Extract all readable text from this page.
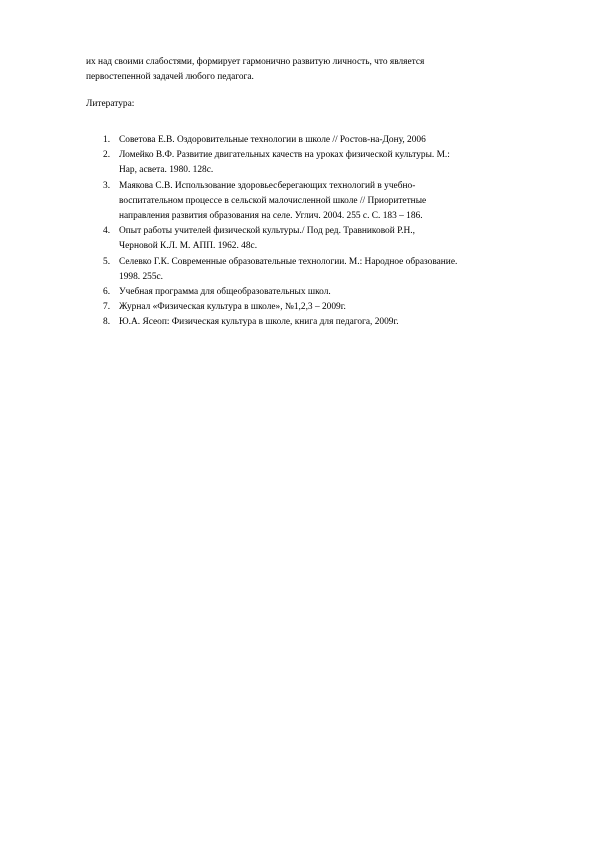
их над своими слабостями, формирует гармонично развитую личность, что является
первостепенной задачей любого педагога.

Литература:

1. Советова Е.В. Оздоровительные технологии в школе // Ростов-на-Дону, 2006
2. Ломейко В.Ф. Развитие двигательных качеств на уроках физической культуры. М.:
Нар, асвета. 1980. 128с.
3. Маякова С.В. Использование здоровьесберегающих технологий в учебно-
воспитательном процессе в сельской малочисленной школе // Приоритетные
направления развития образования на селе. Углич. 2004. 255 с. С. 183 – 186.
4. Опыт работы учителей физической культуры./ Под ред. Травниковой Р.Н.,
Черновой К.Л. М. АПП. 1962. 48с.
5. Селевко Г.К. Современные образовательные технологии. М.: Народное образование.
1998. 255с.
6. Учебная программа для общеобразовательных школ.
7. Журнал «Физическая культура в школе», №1,2,3 – 2009г.
8. Ю.А. Ясеоп: Физическая культура в школе, книга для педагога, 2009г.
